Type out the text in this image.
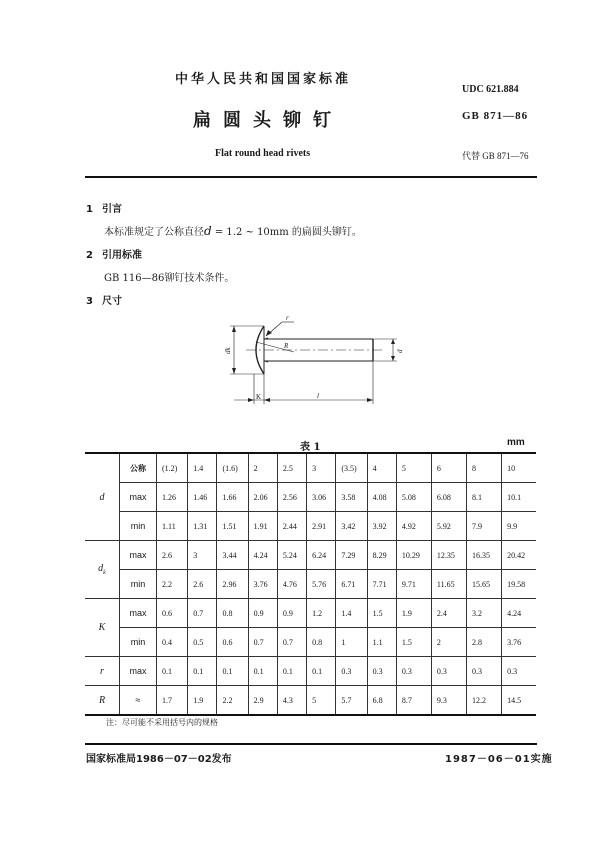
中华人民共和国国家标准
扁圆头铆钉
Flat round head rivets
UDC 621.884
GB 871—86
代替 GB 871—76
1 引言
本标准规定了公称直径d = 1.2 ~ 10mm 的扁圆头铆钉。
2 引用标准
GB 116—86铆钉技术条件。
3 尺寸
r
R
dk	d
K	l
表 1	mm
d	公称	(1.2)	1.4	(1.6)	2	2.5	3	(3.5)	4	5	6	8	10
	max	1.26	1.46	1.66	2.06	2.56	3.06	3.58	4.08	5.08	6.08	8.1	10.1
	min	1.11	1.31	1.51	1.91	2.44	2.91	3.42	3.92	4.92	5.92	7.9	9.9
$d_k$	max	2.6	3	3.44	4.24	5.24	6.24	7.29	8.29	10.29	12.35	16.35	20.42
	min	2.2	2.6	2.96	3.76	4.76	5.76	6.71	7.71	9.71	11.65	15.65	19.58
K	max	0.6	0.7	0.8	0.9	0.9	1.2	1.4	1.5	1.9	2.4	3.2	4.24
	min	0.4	0.5	0.6	0.7	0.7	0.8	1	1.1	1.5	2	2.8	3.76
r	max	0.1	0.1	0.1	0.1	0.1	0.1	0.3	0.3	0.3	0.3	0.3	0.3
R	≈	1.7	1.9	2.2	2.9	4.3	5	5.7	6.8	8.7	9.3	12.2	14.5
注：尽可能不采用括号内的规格
国家标准局1986－07－02发布	1987－06－01实施
